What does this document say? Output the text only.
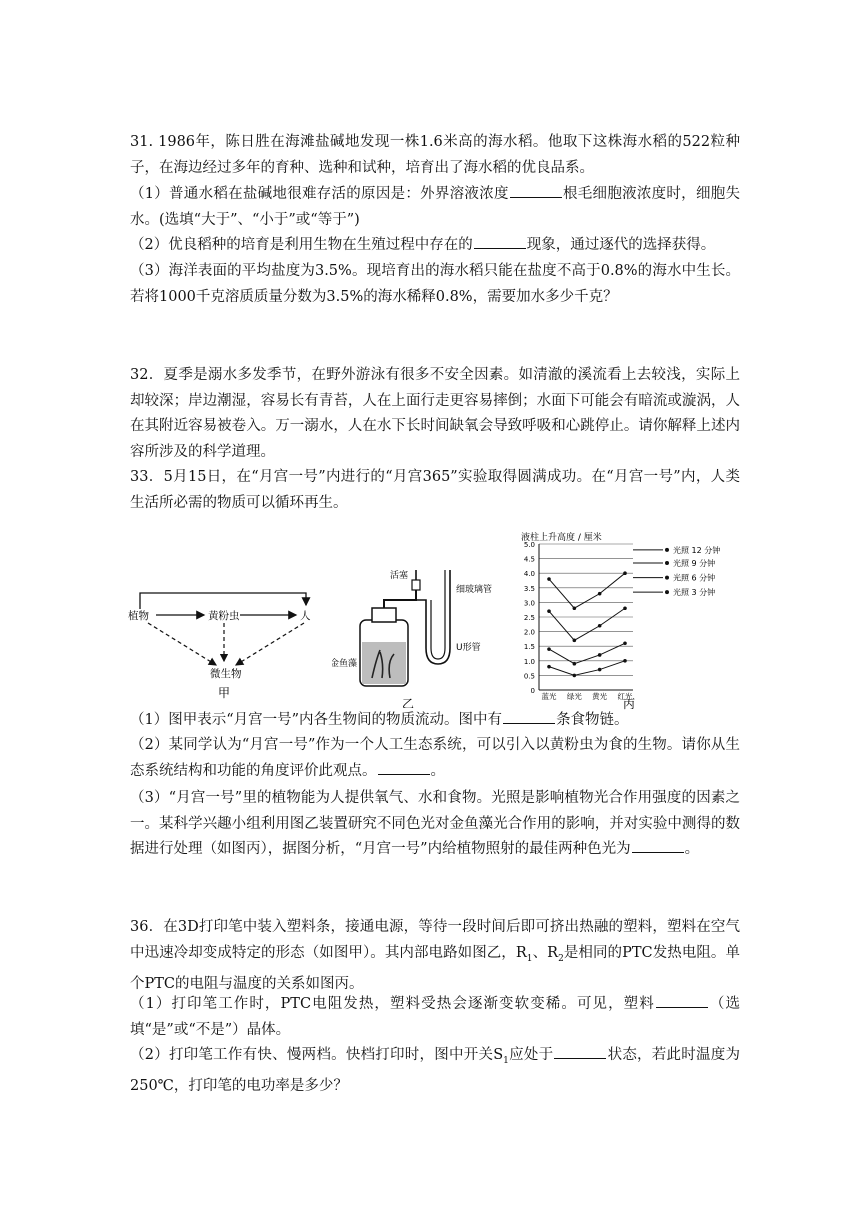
31. 1986年，陈日胜在海滩盐碱地发现一株1.6米高的海水稻。他取下这株海水稻的522粒种子，在海边经过多年的育种、选种和试种，培育出了海水稻的优良品系。

（1）普通水稻在盐碱地很难存活的原因是：外界溶液浓度	根毛细胞液浓度时，细胞失水。(选填“大于”、“小于”或“等于”)

（2）优良稻种的培育是利用生物在生殖过程中存在的	现象，通过逐代的选择获得。

（3）海洋表面的平均盐度为3.5%。现培育出的海水稻只能在盐度不高于0.8%的海水中生长。若将1000千克溶质质量分数为3.5%的海水稀释0.8%，需要加水多少千克？

32．夏季是溺水多发季节，在野外游泳有很多不安全因素。如清澈的溪流看上去较浅，实际上却较深；岸边潮湿，容易长有青苔，人在上面行走更容易摔倒；水面下可能会有暗流或漩涡，人在其附近容易被卷入。万一溺水，人在水下长时间缺氧会导致呼吸和心跳停止。请你解释上述内容所涉及的科学道理。

33．5月15日，在“月宫一号”内进行的“月宫365”实验取得圆满成功。在“月宫一号”内，人类生活所必需的物质可以循环再生。

植物	黄粉虫	人
微生物
甲
活塞
细玻璃管
U形管
金鱼藻
乙
液柱上升高度 / 厘米
丙
0
0.5
1.0
1.5
2.0
2.5
3.0
3.5
4.0
4.5
5.0
蓝光 绿光 黄光 红光
光照 12 分钟
光照 9 分钟
光照 6 分钟
光照 3 分钟

（1）图甲表示“月宫一号”内各生物间的物质流动。图中有	条食物链。

（2）某同学认为“月宫一号”作为一个人工生态系统，可以引入以黄粉虫为食的生物。请你从生态系统结构和功能的角度评价此观点。	。

（3）“月宫一号”里的植物能为人提供氧气、水和食物。光照是影响植物光合作用强度的因素之一。某科学兴趣小组利用图乙装置研究不同色光对金鱼藻光合作用的影响，并对实验中测得的数据进行处理（如图丙），据图分析，“月宫一号”内给植物照射的最佳两种色光为	。

36．在3D打印笔中装入塑料条，接通电源，等待一段时间后即可挤出热融的塑料，塑料在空气中迅速冷却变成特定的形态（如图甲）。其内部电路如图乙，$R_1$、$R_2$是相同的PTC发热电阻。单个PTC的电阻与温度的关系如图丙。

（1）打印笔工作时，PTC电阻发热，塑料受热会逐渐变软变稀。可见，塑料	（选填“是”或“不是”）晶体。

（2）打印笔工作有快、慢两档。快档打印时，图中开关$S_1$应处于	状态，若此时温度为250℃，打印笔的电功率是多少？
